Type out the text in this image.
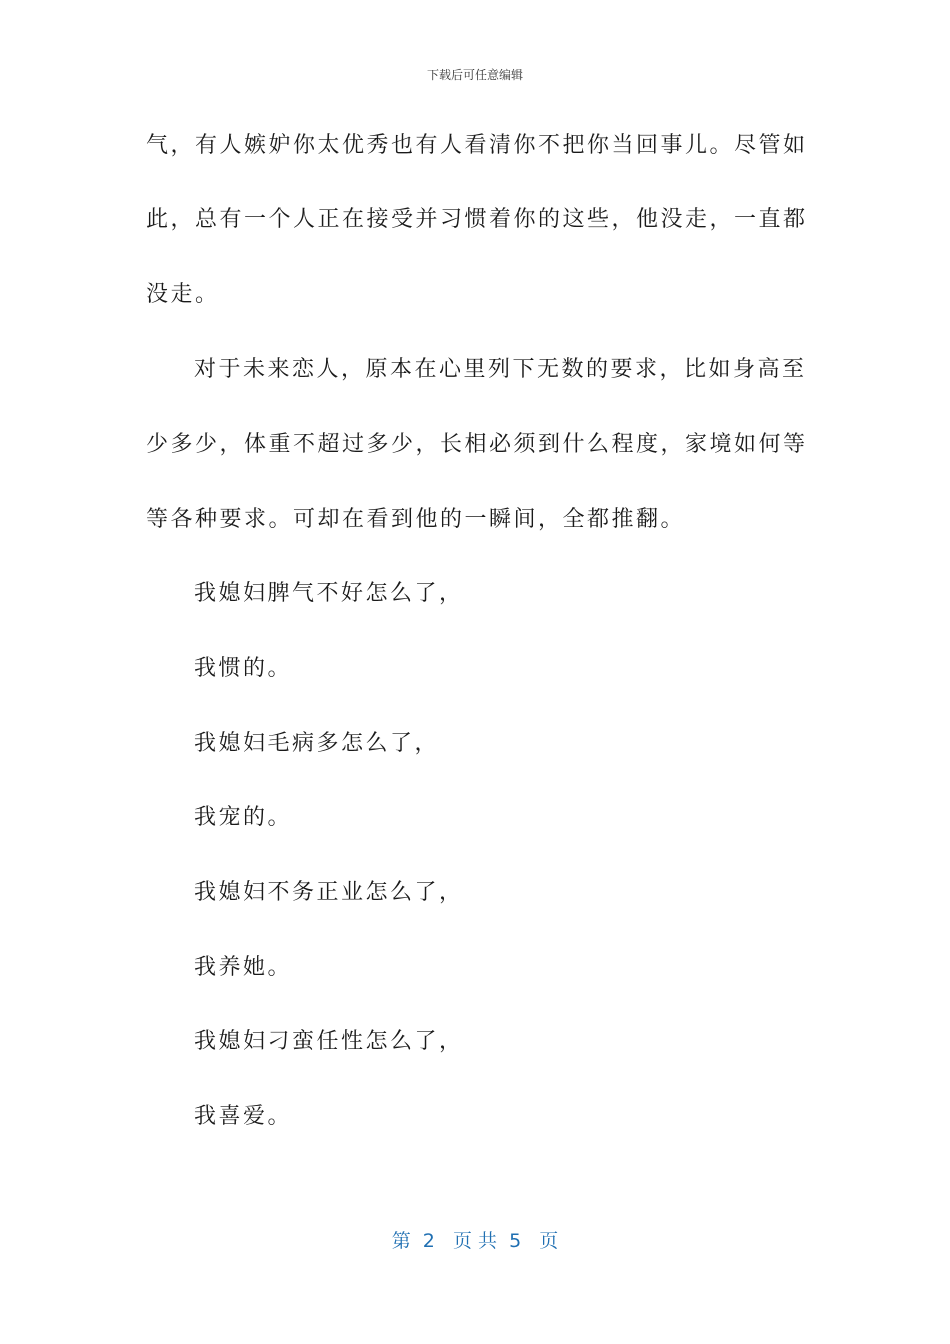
下载后可任意编辑
气，有人嫉妒你太优秀也有人看清你不把你当回事儿。尽管如
此，总有一个人正在接受并习惯着你的这些，他没走，一直都
没走。
对于未来恋人，原本在心里列下无数的要求，比如身高至
少多少，体重不超过多少，长相必须到什么程度，家境如何等
等各种要求。可却在看到他的一瞬间，全都推翻。
我媳妇脾气不好怎么了，
我惯的。
我媳妇毛病多怎么了，
我宠的。
我媳妇不务正业怎么了，
我养她。
我媳妇刁蛮任性怎么了，
我喜爱。
第  2   页 共  5   页
